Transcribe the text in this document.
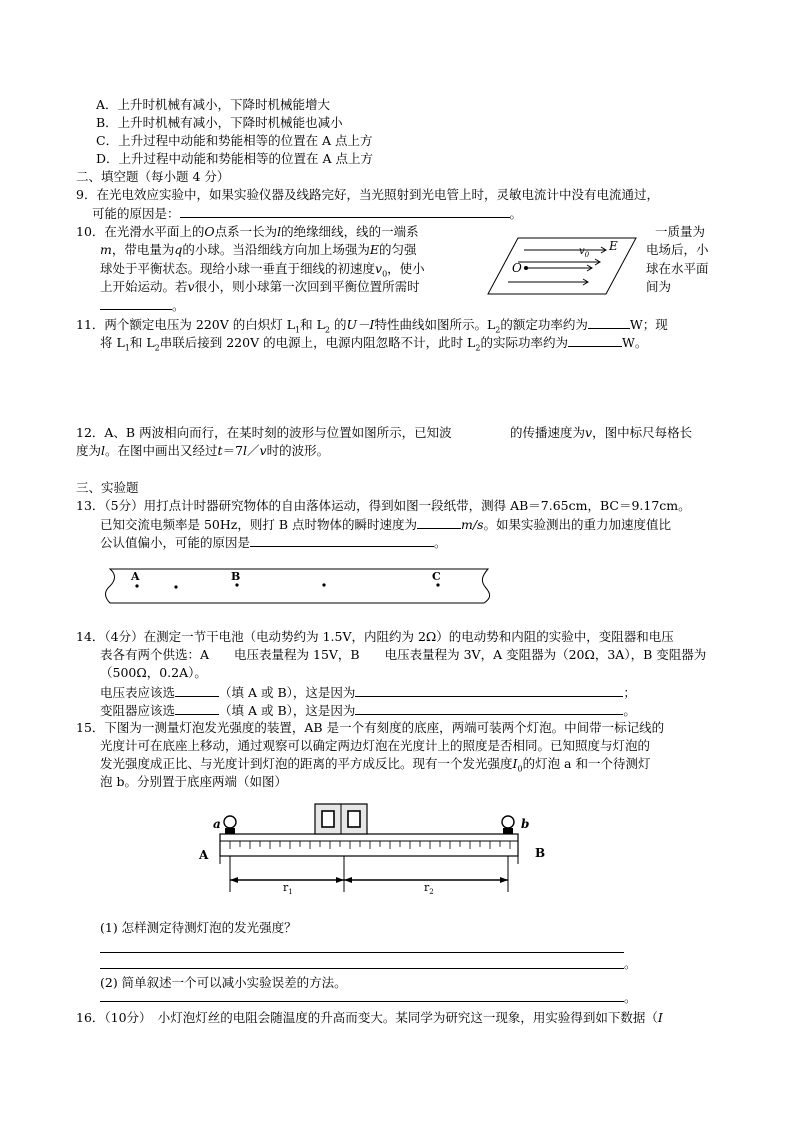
A．上升时机械有减小，下降时机械能增大
B．上升时机械有减小，下降时机械能也减小
C．上升过程中动能和势能相等的位置在 A 点上方
D．上升过程中动能和势能相等的位置在 A 点上方
二、填空题（每小题 4 分）
9．在光电效应实验中，如果实验仪器及线路完好，当光照射到光电管上时，灵敏电流计中没有电流通过，
可能的原因是：	。
10．在光滑水平面上的O点系一长为l的绝缘细线，线的一端系	一质量为
m，带电量为q的小球。当沿细线方向加上场强为E的匀强	电场后，小
球处于平衡状态。现给小球一垂直于细线的初速度$v_0$，使小	球在水平面
上开始运动。若v很小，则小球第一次回到平衡位置所需时	间为
。
O
$v_0$
E
11．两个额定电压为 220V 的白炽灯 $L_1$和 $L_2$ 的U－I特性曲线如图所示。$L_2$的额定功率约为	W；现
将 $L_1$和 $L_2$串联后接到 220V 的电源上，电源内阻忽略不计，此时 $L_2$的实际功率约为	W。
12．A、B 两波相向而行，在某时刻的波形与位置如图所示，已知波	的传播速度为v，图中标尺每格长
度为l。在图中画出又经过t＝7l／v时的波形。
三、实验题
13．（5分）用打点计时器研究物体的自由落体运动，得到如图一段纸带，测得 AB＝7.65cm，BC＝9.17cm。
已知交流电频率是 50Hz，则打 B 点时物体的瞬时速度为	m/s。如果实验测出的重力加速度值比
公认值偏小，可能的原因是	。
A	B	C
14．（4分）在测定一节干电池（电动势约为 1.5V，内阻约为 2Ω）的电动势和内阻的实验中，变阻器和电压
表各有两个供选：A　　电压表量程为 15V，B　　电压表量程为 3V，A 变阻器为（20Ω，3A），B 变阻器为
（500Ω，0.2A）。
电压表应该选	（填 A 或 B），这是因为	；
变阻器应该选	（填 A 或 B），这是因为	。
15．下图为一测量灯泡发光强度的装置，AB 是一个有刻度的底座，两端可装两个灯泡。中间带一标记线的
光度计可在底座上移动，通过观察可以确定两边灯泡在光度计上的照度是否相同。已知照度与灯泡的
发光强度成正比、与光度计到灯泡的距离的平方成反比。现有一个发光强度$I_0$的灯泡 a 和一个待测灯
泡 b。分别置于底座两端（如图）
a	b
A	B
$r_1$	$r_2$
(1) 怎样测定待测灯泡的发光强度？
。
(2) 简单叙述一个可以减小实验误差的方法。
。
16．（10分）　小灯泡灯丝的电阻会随温度的升高而变大。某同学为研究这一现象，用实验得到如下数据（I
